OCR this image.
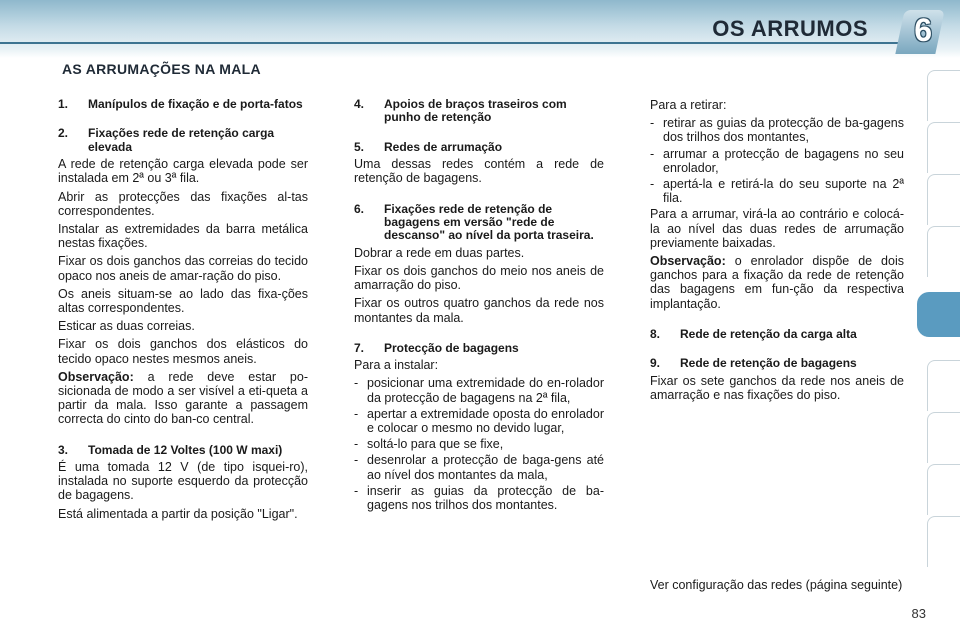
OS ARRUMOS 6
AS ARRUMAÇÕES NA MALA
1.	Manípulos de fixação e de porta-fatos
2.	Fixações rede de retenção carga elevada

A rede de retenção carga elevada pode ser instalada em 2ª ou 3ª fila.

Abrir as protecções das fixações al-tas correspondentes.

Instalar as extremidades da barra metálica nestas fixações.

Fixar os dois ganchos das correias do tecido opaco nos aneis de amar-ração do piso.

Os aneis situam-se ao lado das fixa-ções altas correspondentes.

Esticar as duas correias.

Fixar os dois ganchos dos elásticos do tecido opaco nestes mesmos aneis.

Observação: a rede deve estar po-sicionada de modo a ser visível a eti-queta a partir da mala. Isso garante a passagem correcta do cinto do ban-co central.

3.	Tomada de 12 Voltes (100 W maxi)

É uma tomada 12 V (de tipo isquei-ro), instalada no suporte esquerdo da protecção de bagagens.

Está alimentada a partir da posição "Ligar".

4.	Apoios de braços traseiros com punho de retenção
5.	Redes de arrumação

Uma dessas redes contém a rede de retenção de bagagens.

6.	Fixações rede de retenção de bagagens em versão "rede de descanso" ao nível da porta traseira.

Dobrar a rede em duas partes.

Fixar os dois ganchos do meio nos aneis de amarração do piso.

Fixar os outros quatro ganchos da rede nos montantes da mala.

7.	Protecção de bagagens

Para a instalar:

- posicionar uma extremidade do en-rolador da protecção de bagagens na 2ª fila,
- apertar a extremidade oposta do enrolador e colocar o mesmo no devido lugar,
- soltá-lo para que se fixe,
- desenrolar a protecção de baga-gens até ao nível dos montantes da mala,
- inserir as guias da protecção de ba-gagens nos trilhos dos montantes.

Para a retirar:

- retirar as guias da protecção de ba-gagens dos trilhos dos montantes,
- arrumar a protecção de bagagens no seu enrolador,
- apertá-la e retirá-la do seu suporte na 2ª fila.

Para a arrumar, virá-la ao contrário e colocá-la ao nível das duas redes de arrumação previamente baixadas.

Observação: o enrolador dispõe de dois ganchos para a fixação da rede de retenção das bagagens em fun-ção da respectiva implantação.

8.	Rede de retenção da carga alta
9.	Rede de retenção de bagagens

Fixar os sete ganchos da rede nos aneis de amarração e nas fixações do piso.

Ver configuração das redes (página seguinte)
83
